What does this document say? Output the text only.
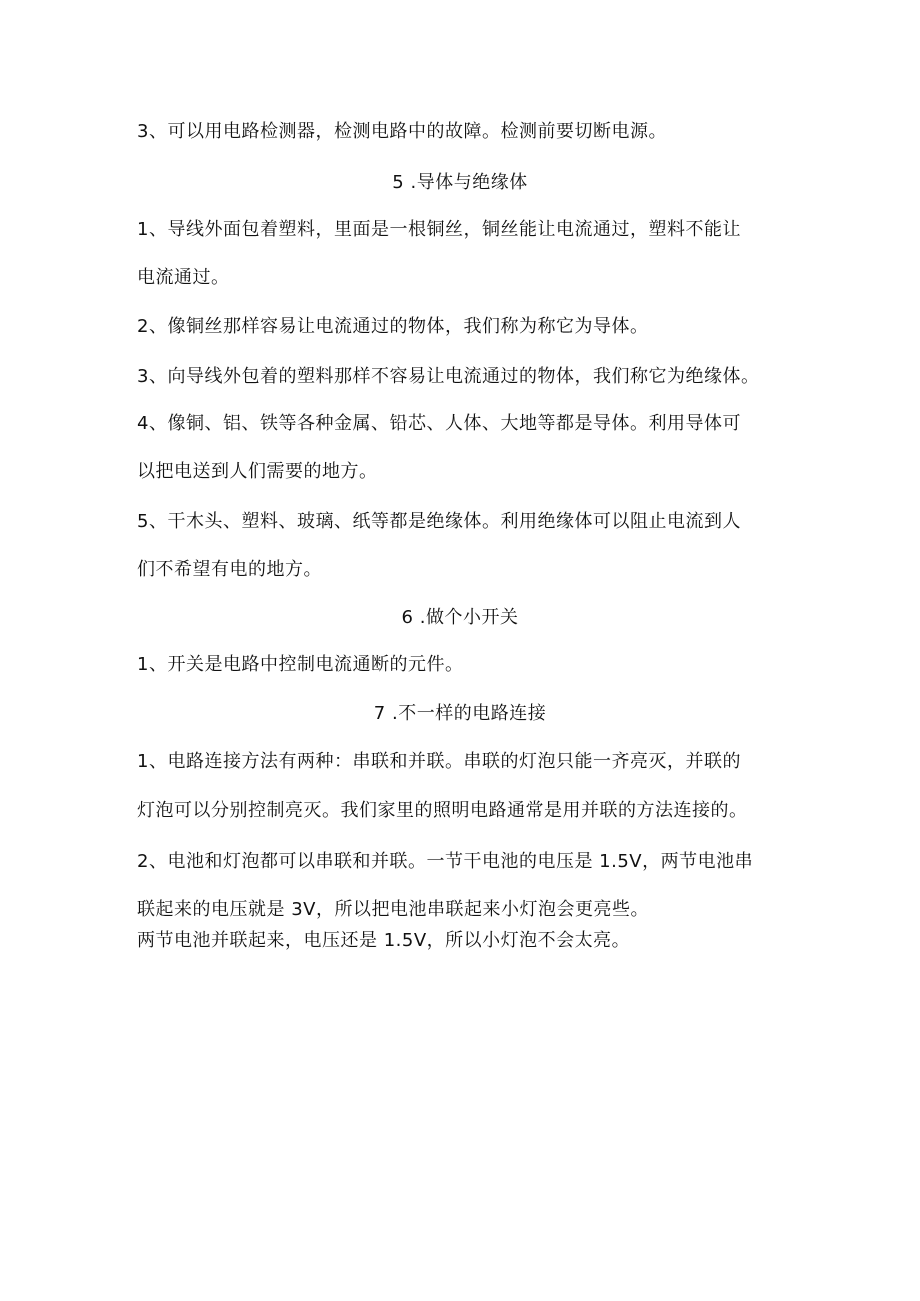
3、可以用电路检测器，检测电路中的故障。检测前要切断电源。
5 .导体与绝缘体
1、导线外面包着塑料，里面是一根铜丝，铜丝能让电流通过，塑料不能让
电流通过。
2、像铜丝那样容易让电流通过的物体，我们称为称它为导体。
3、向导线外包着的塑料那样不容易让电流通过的物体，我们称它为绝缘体。
4、像铜、铝、铁等各种金属、铅芯、人体、大地等都是导体。利用导体可
以把电送到人们需要的地方。
5、干木头、塑料、玻璃、纸等都是绝缘体。利用绝缘体可以阻止电流到人
们不希望有电的地方。
6 .做个小开关
1、开关是电路中控制电流通断的元件。
7 .不一样的电路连接
1、电路连接方法有两种：串联和并联。串联的灯泡只能一齐亮灭，并联的
灯泡可以分别控制亮灭。我们家里的照明电路通常是用并联的方法连接的。
2、电池和灯泡都可以串联和并联。一节干电池的电压是 1.5V，两节电池串
联起来的电压就是 3V，所以把电池串联起来小灯泡会更亮些。
两节电池并联起来，电压还是 1.5V，所以小灯泡不会太亮。
